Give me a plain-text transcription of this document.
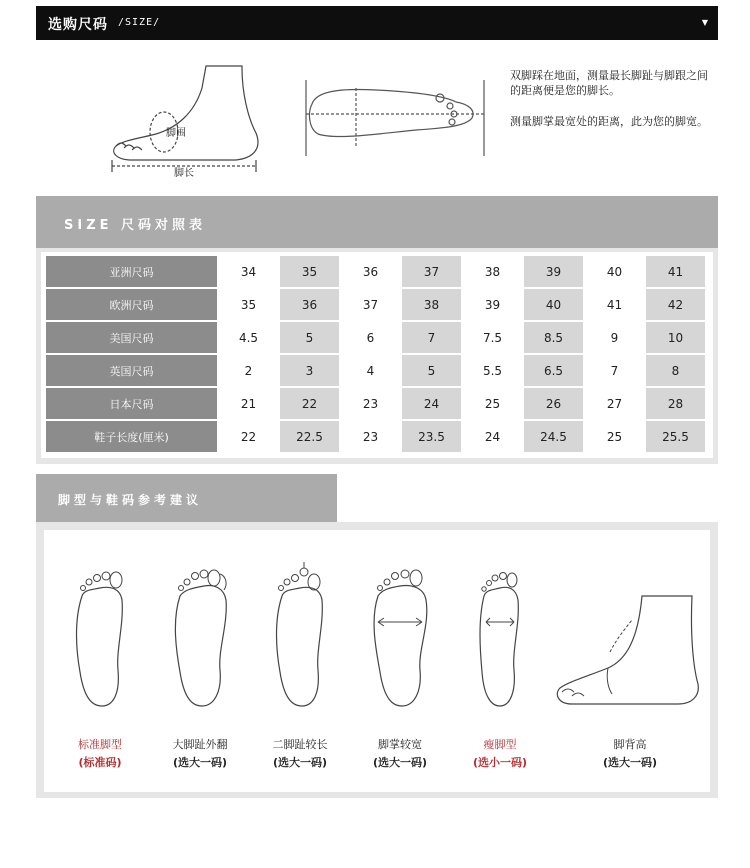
选购尺码 /SIZE/	▼
脚围
脚长
双脚踩在地面，测量最长脚趾与脚跟之间的距离便是您的脚长。
测量脚掌最宽处的距离，此为您的脚宽。
SIZE 尺码对照表
亚洲尺码	34	35	36	37	38	39	40	41
欧洲尺码	35	36	37	38	39	40	41	42
美国尺码	4.5	5	6	7	7.5	8.5	9	10
英国尺码	2	3	4	5	5.5	6.5	7	8
日本尺码	21	22	23	24	25	26	27	28
鞋子长度(厘米)	22	22.5	23	23.5	24	24.5	25	25.5
脚型与鞋码参考建议
标准脚型
(标准码)
大脚趾外翻
(选大一码)
二脚趾较长
(选大一码)
脚掌较宽
(选大一码)
瘦脚型
(选小一码)
脚背高
(选大一码)
